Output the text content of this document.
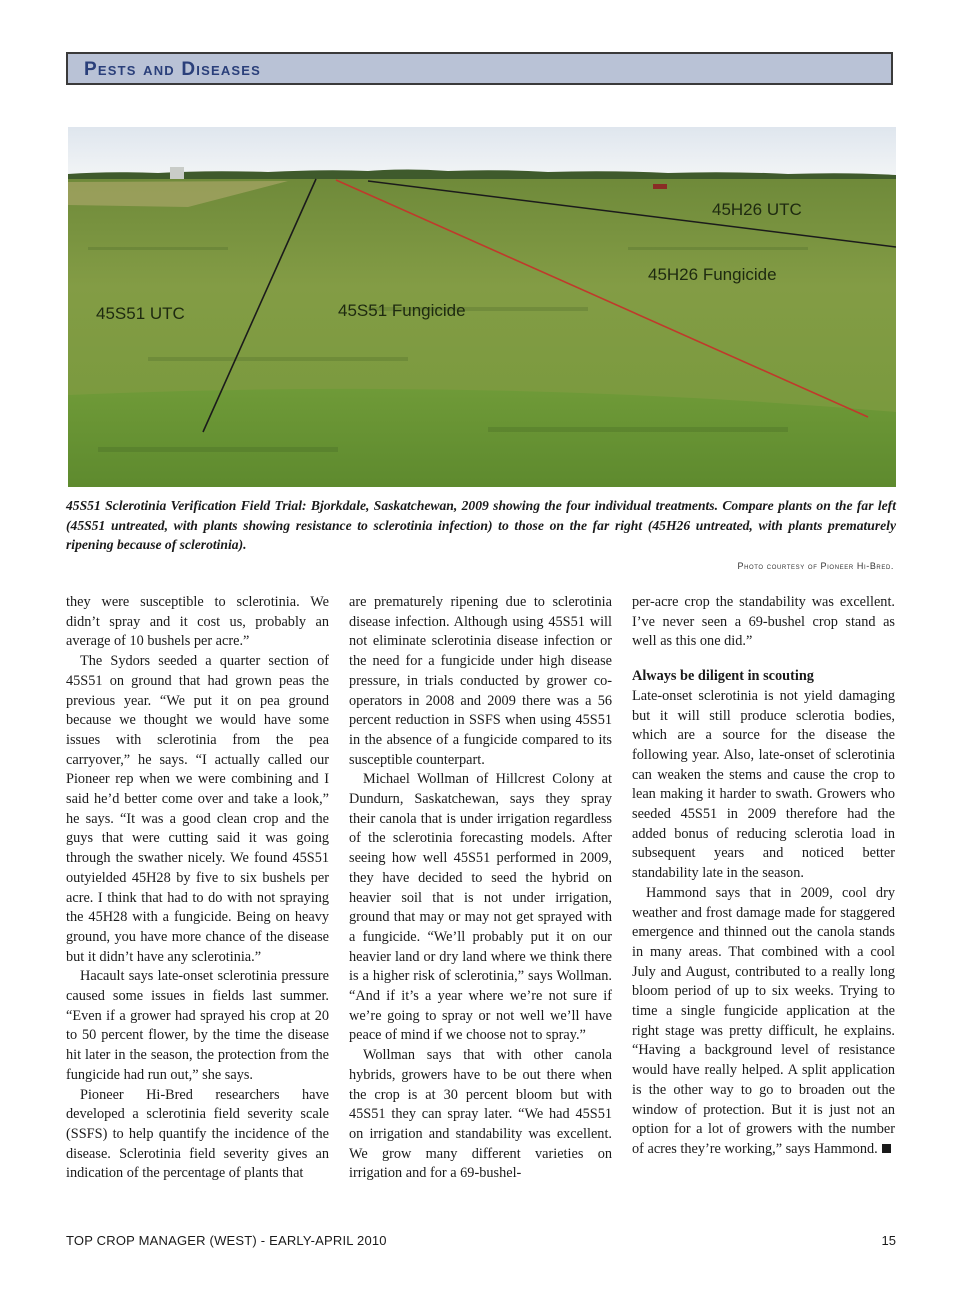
Pests and Diseases
45S51 UTC	45S51 Fungicide
45H26 Fungicide
45H26 UTC
45S51 Sclerotinia Verification Field Trial: Bjorkdale, Saskatchewan, 2009 showing the four individual treatments. Compare plants on the far left (45S51 untreated, with plants showing resistance to sclerotinia infection) to those on the far right (45H26 untreated, with plants prematurely ripening because of sclerotinia).
Photo courtesy of Pioneer Hi-Bred.

they were susceptible to sclerotinia. We didn’t spray and it cost us, probably an average of 10 bushels per acre.”

The Sydors seeded a quarter section of 45S51 on ground that had grown peas the previous year. “We put it on pea ground because we thought we would have some issues with sclerotinia from the pea carryover,” he says. “I actually called our Pioneer rep when we were combining and I said he’d better come over and take a look,” he says. “It was a good clean crop and the guys that were cutting said it was going through the swather nicely. We found 45S51 outyielded 45H28 by five to six bushels per acre. I think that had to do with not spraying the 45H28 with a fungicide. Being on heavy ground, you have more chance of the disease but it didn’t have any sclerotinia.”

Hacault says late-onset sclerotinia pressure caused some issues in fields last summer. “Even if a grower had sprayed his crop at 20 to 50 percent flower, by the time the disease hit later in the season, the protection from the fungicide had run out,” she says.

Pioneer Hi-Bred researchers have developed a sclerotinia field severity scale (SSFS) to help quantify the incidence of the disease. Sclerotinia field severity gives an indication of the percentage of plants that

are prematurely ripening due to sclerotinia disease infection. Although using 45S51 will not eliminate sclerotinia disease infection or the need for a fungicide under high disease pressure, in trials conducted by grower co-operators in 2008 and 2009 there was a 56 percent reduction in SSFS when using 45S51 in the absence of a fungicide compared to its susceptible counterpart.

Michael Wollman of Hillcrest Colony at Dundurn, Saskatchewan, says they spray their canola that is under irrigation regardless of the sclerotinia forecasting models. After seeing how well 45S51 performed in 2009, they have decided to seed the hybrid on heavier soil that is not under irrigation, ground that may or may not get sprayed with a fungicide. “We’ll probably put it on our heavier land or dry land where we think there is a higher risk of sclerotinia,” says Wollman. “And if it’s a year where we’re not sure if we’re going to spray or not well we’ll have peace of mind if we choose not to spray.”

Wollman says that with other canola hybrids, growers have to be out there when the crop is at 30 percent bloom but with 45S51 they can spray later. “We had 45S51 on irrigation and standability was excellent. We grow many different varieties on irrigation and for a 69-bushel-

per-acre crop the standability was excellent. I’ve never seen a 69-bushel crop stand as well as this one did.”

Always be diligent in scouting

Late-onset sclerotinia is not yield damaging but it will still produce sclerotia bodies, which are a source for the disease the following year. Also, late-onset of sclerotinia can weaken the stems and cause the crop to lean making it harder to swath. Growers who seeded 45S51 in 2009 therefore had the added bonus of reducing sclerotia load in subsequent years and noticed better standability late in the season.

Hammond says that in 2009, cool dry weather and frost damage made for staggered emergence and thinned out the canola stands in many areas. That combined with a cool July and August, contributed to a really long bloom period of up to six weeks. Trying to time a single fungicide application at the right stage was pretty difficult, he explains. “Having a background level of resistance would have really helped. A split application is the other way to go to broaden out the window of protection. But it is just not an option for a lot of growers with the number of acres they’re working,” says Hammond.

TOP CROP MANAGER (WEST) - EARLY-APRIL 2010	15
